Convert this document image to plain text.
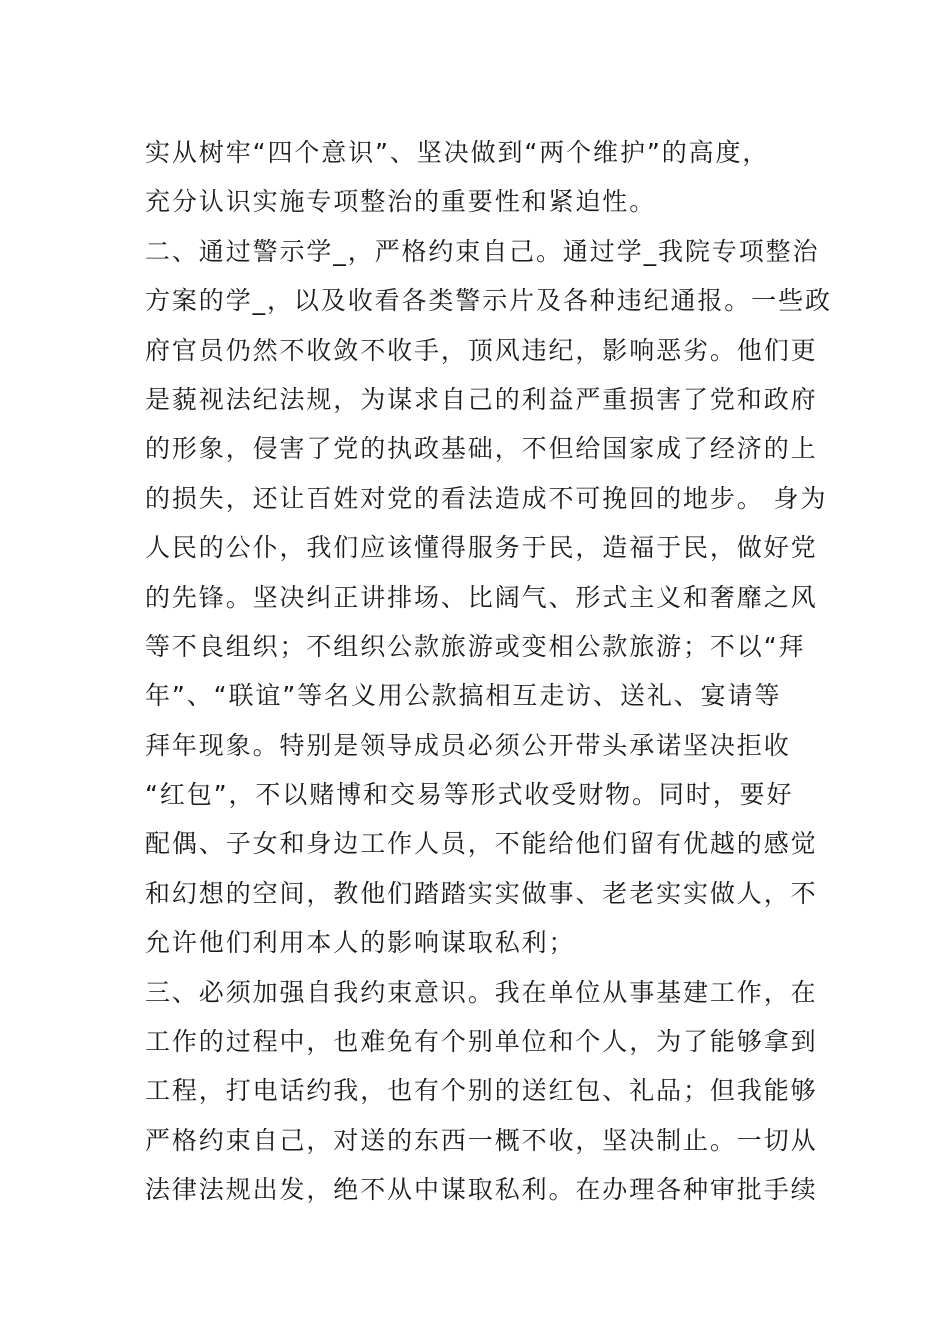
实从树牢“四个意识”、坚决做到“两个维护”的高度，
充分认识实施专项整治的重要性和紧迫性。
二、通过警示学_，严格约束自己。通过学_我院专项整治
方案的学_，以及收看各类警示片及各种违纪通报。一些政
府官员仍然不收敛不收手，顶风违纪，影响恶劣。他们更
是藐视法纪法规，为谋求自己的利益严重损害了党和政府
的形象，侵害了党的执政基础，不但给国家成了经济的上
的损失，还让百姓对党的看法造成不可挽回的地步。 身为
人民的公仆，我们应该懂得服务于民，造福于民，做好党
的先锋。坚决纠正讲排场、比阔气、形式主义和奢靡之风
等不良组织；不组织公款旅游或变相公款旅游；不以“拜
年”、“联谊”等名义用公款搞相互走访、送礼、宴请等
拜年现象。特别是领导成员必须公开带头承诺坚决拒收
“红包”，不以赌博和交易等形式收受财物。同时，要好
配偶、子女和身边工作人员，不能给他们留有优越的感觉
和幻想的空间，教他们踏踏实实做事、老老实实做人，不
允许他们利用本人的影响谋取私利；
三、必须加强自我约束意识。我在单位从事基建工作，在
工作的过程中，也难免有个别单位和个人，为了能够拿到
工程，打电话约我，也有个别的送红包、礼品；但我能够
严格约束自己，对送的东西一概不收，坚决制止。一切从
法律法规出发，绝不从中谋取私利。在办理各种审批手续
